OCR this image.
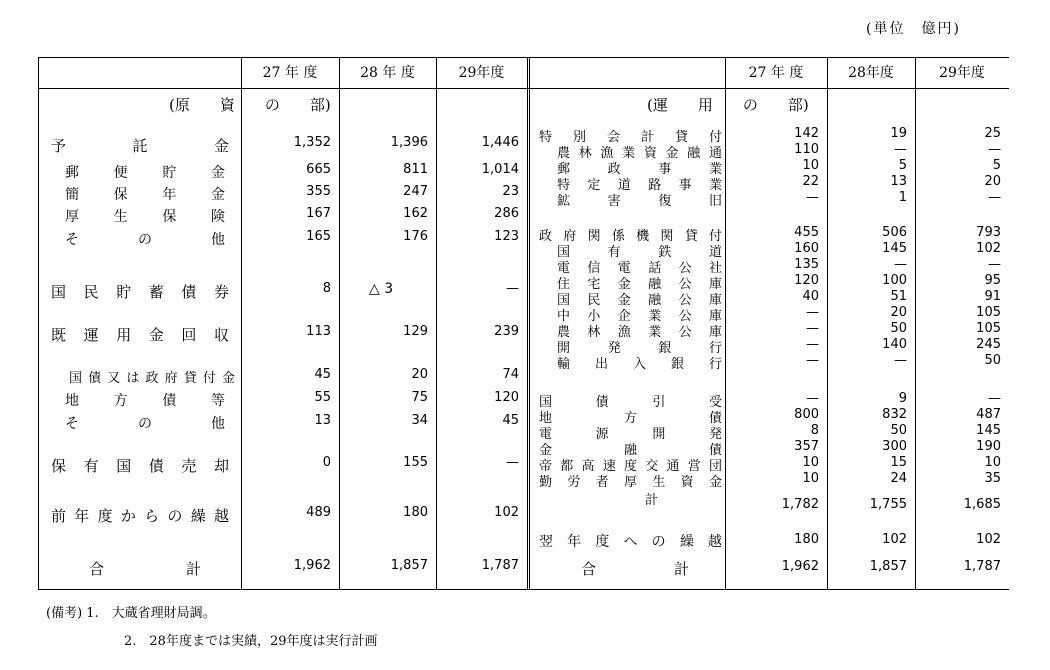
(単位　億円)
27 年 度	28 年 度	29年度	27 年 度	28年度	29年度
(原　　資　　の　　部)	(運　　用　　の　　部)
予託金	1,352	1,396	1,446
郵便貯金	665	811	1,014
簡保年金	355	247	23
厚生保険	167	162	286
その他	165	176	123
国民貯蓄債券	8	△ 3	—
既運用金回収	113	129	239
国債又は政府貸付金	45	20	74
地方債等	55	75	120
その他	13	34	45
保有国債売却	0	155	—
前年度からの繰越	489	180	102
合計	1,962	1,857	1,787
特別会計貸付	142	19	25
農林漁業資金融通	110	—	—
郵政事業	10	5	5
特定道路事業	22	13	20
鉱害復旧	—	1	—
政府関係機関貸付	455	506	793
国有鉄道	160	145	102
電信電話公社	135	—	—
住宅金融公庫	120	100	95
国民金融公庫	40	51	91
中小企業公庫	—	20	105
農林漁業公庫	—	50	105
開発銀行	—	140	245
輸出入銀行	—	—	50
国債引受	—	9	—
地方債	800	832	487
電源開発	8	50	145
金融債	357	300	190
帝都高速度交通営団	10	15	10
勤労者厚生資金	10	24	35
計	1,782	1,755	1,685
翌年度への繰越	180	102	102
合計	1,962	1,857	1,787
(備考) 1.　大蔵省理財局調。
2.　28年度までは実績，29年度は実行計画
